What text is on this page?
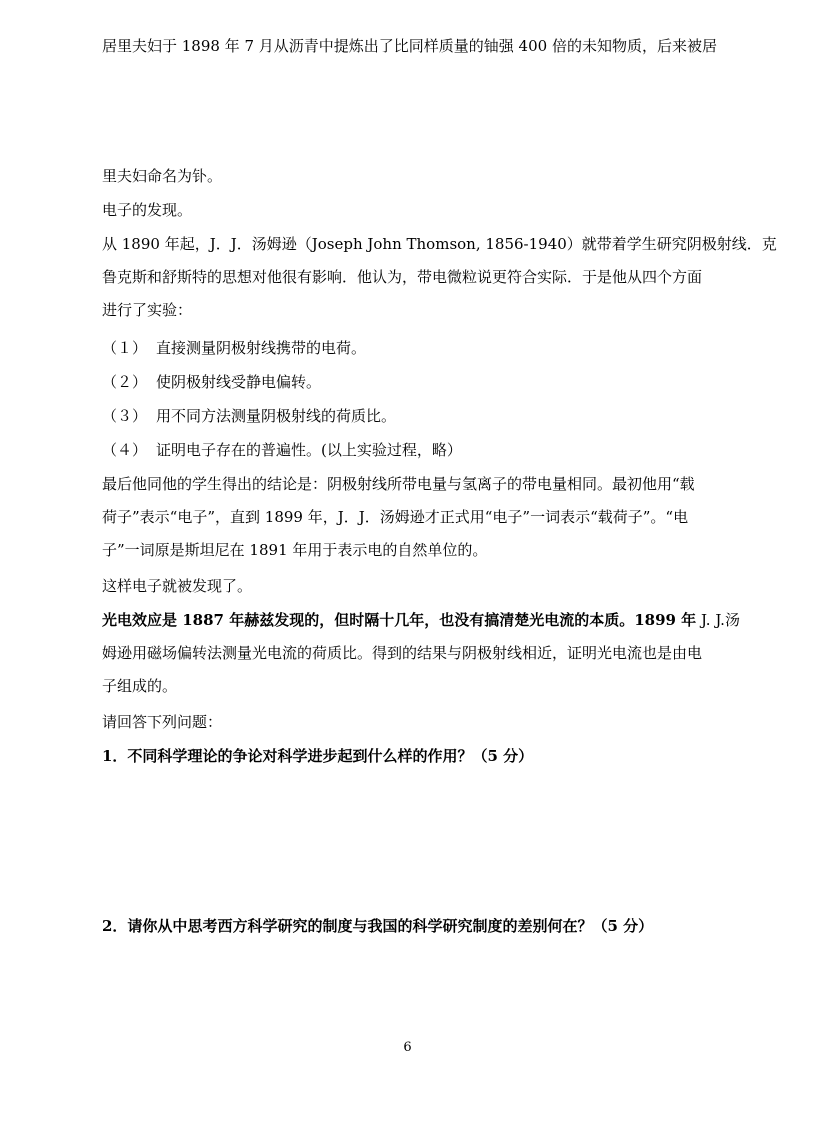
居里夫妇于 1898 年 7 月从沥青中提炼出了比同样质量的铀强 400 倍的未知物质，后来被居
里夫妇命名为钋。
电子的发现。
从 1890 年起，J．J．汤姆逊（Joseph John Thomson, 1856-1940）就带着学生研究阴极射线．克
鲁克斯和舒斯特的思想对他很有影响．他认为，带电微粒说更符合实际．于是他从四个方面
进行了实验：
（１） 直接测量阴极射线携带的电荷。
（２） 使阴极射线受静电偏转。
（３） 用不同方法测量阴极射线的荷质比。
（４） 证明电子存在的普遍性。(以上实验过程，略）
最后他同他的学生得出的结论是：阴极射线所带电量与氢离子的带电量相同。最初他用“载
荷子”表示“电子”，直到 1899 年，J．J．汤姆逊才正式用“电子”一词表示“载荷子”。“电
子”一词原是斯坦尼在 1891 年用于表示电的自然单位的。
这样电子就被发现了。
光电效应是 1887 年赫兹发现的，但时隔十几年，也没有搞清楚光电流的本质。1899 年 J. J.汤
姆逊用磁场偏转法测量光电流的荷质比。得到的结果与阴极射线相近，证明光电流也是由电
子组成的。
请回答下列问题：
1．不同科学理论的争论对科学进步起到什么样的作用？（5 分）
2．请你从中思考西方科学研究的制度与我国的科学研究制度的差别何在？（5 分）
6
